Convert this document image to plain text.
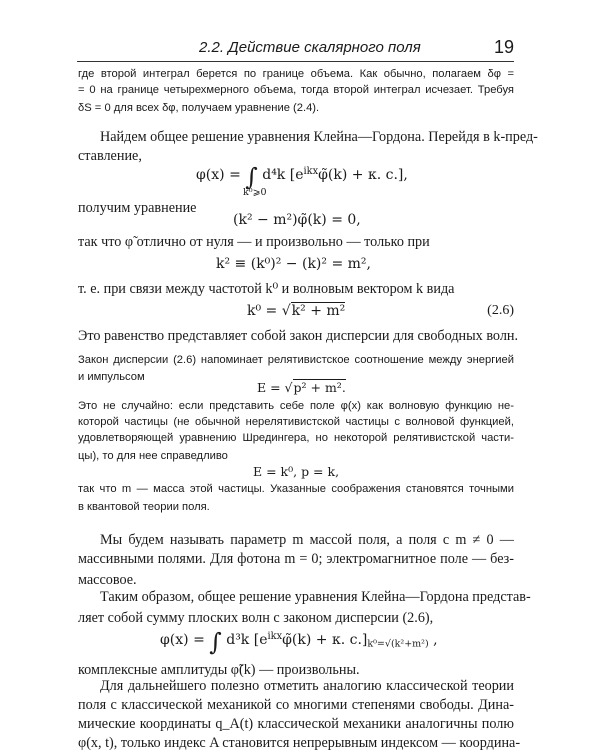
2.2. Действие скалярного поля	19
где второй интеграл берется по границе объема. Как обычно, полагаем δφ =
= 0 на границе четырехмерного объема, тогда второй интеграл исчезает. Требуя
δS = 0 для всех δφ, получаем уравнение (2.4).
Найдем общее решение уравнения Клейна—Гордона. Перейдя в k-пред-
ставление,
φ(x) = ∫ d⁴k [$e^{ikx}\varphĩ(k) + к$. с.],
k⁰⩾0
получим уравнение
(k² − m²)φ̃(k) = 0,
так что φ̃ отлично от нуля — и произвольно — только при
k² ≡ (k⁰)² − (k)² = m²,
т. е. при связи между частотой k⁰ и волновым вектором k вида
k⁰ = √k² + m²	(2.6)
Это равенство представляет собой закон дисперсии для свободных волн.
Закон дисперсии (2.6) напоминает релятивистское соотношение между энергией
и импульсом
E = √p² + m².
Это не случайно: если представить себе поле φ(x) как волновую функцию не-
которой частицы (не обычной нерелятивистской частицы с волновой функцией,
удовлетворяющей уравнению Шредингера, но некоторой релятивистской части-
цы), то для нее справедливо
E = k⁰, p = k,
так что m — масса этой частицы. Указанные соображения становятся точными
в квантовой теории поля.
Мы будем называть параметр m массой поля, а поля с m ≠ 0 —
массивными полями. Для фотона m = 0; электромагнитное поле — без-
массовое.
Таким образом, общее решение уравнения Клейна—Гордона представ-
ляет собой сумму плоских волн с законом дисперсии (2.6),
φ(x) = ∫ d³k [$e^{ikx}\varphĩ(k) + к$. $с.]_{k^0=√(k^2+m^2)}$ ,
комплексные амплитуды φ̃(k) — произвольны.
Для дальнейшего полезно отметить аналогию классической теории
поля с классической механикой со многими степенями свободы. Дина-
мические координаты q_A(t) классической механики аналогичны полю
φ(x, t), только индекс A становится непрерывным индексом — координа-
